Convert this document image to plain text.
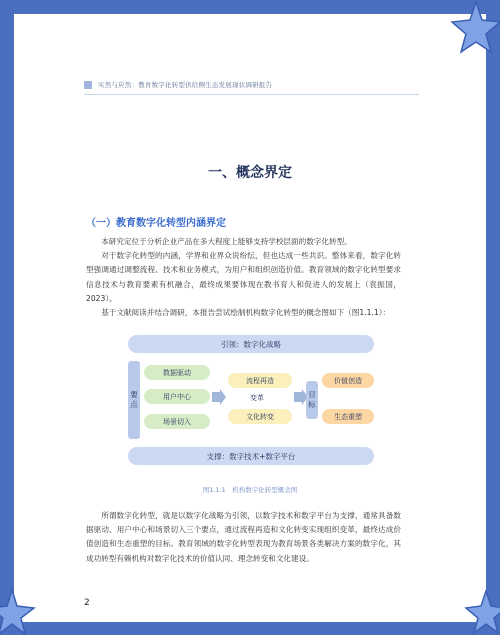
实然与应然：教育数字化转型供给侧生态发展现状调研报告
一、概念界定
（一）教育数字化转型内涵界定

本研究定位于分析企业产品在多大程度上能够支持学校层面的数字化转型。

对于数字化转型的内涵，学界和业界众说纷纭，但也达成一些共识。整体来看，数字化转型强调通过调整流程、技术和业务模式，为用户和组织创造价值。教育领域的数字化转型要求信息技术与教育要素有机融合，最终成果要体现在教书育人和促进人的发展上（袁振国，2023）。

基于文献阅读并结合调研，本报告尝试绘制机构数字化转型的概念图如下（图1.1.1）：

引领：数字化战略
要
点
数据驱动
用户中心
场景切入
流程再造
变革
文化转变
目
标
价值创造
生态重塑
支撑：数字技术+数字平台
图1.1.1　机构数字化转型概念图

所谓数字化转型，就是以数字化战略为引领，以数字技术和数字平台为支撑，通常具备数据驱动、用户中心和场景切入三个要点，通过流程再造和文化转变实现组织变革，最终达成价值创造和生态重塑的目标。教育领域的数字化转型表现为教育场景各类解决方案的数字化，其成功转型有赖机构对数字化技术的价值认同、理念转变和文化建设。

2
